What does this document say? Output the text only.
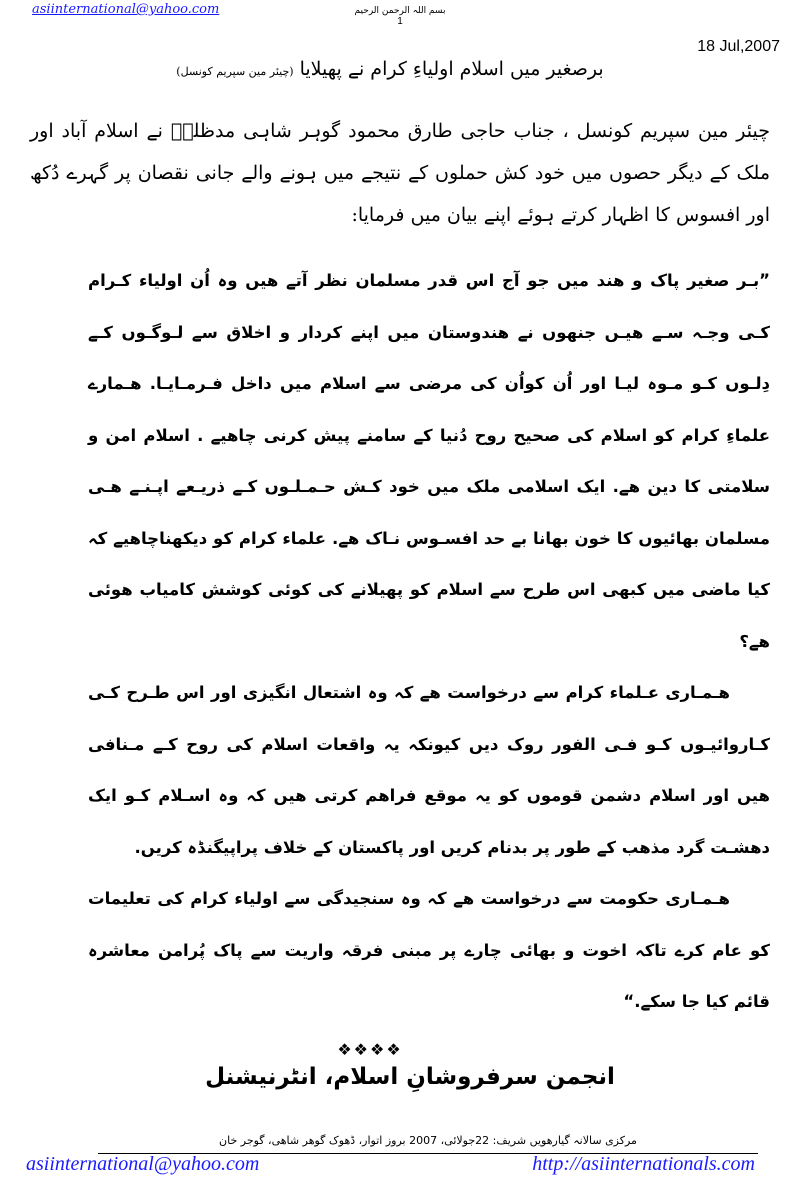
asiinternational@yahoo.com	بسم اللہ الرحمن الرحیم
1
18 Jul,2007
برصغیر میں اسلام اولیاءِ کرام نے پھیلایا (چیئر مین سپریم کونسل)
چیئر مین سپریم کونسل ، جناب حاجی طارق محمود گوہر شاہی مدظلہٗ نے اسلام آباد اور ملک کے دیگر حصوں میں خود کش حملوں کے نتیجے میں ہونے والے جانی نقصان پر گہرے دُکھ اور افسوس کا اظہار کرتے ہوئے اپنے بیان میں فرمایا:

”بـر صغیر پاک و هند میں جو آج اس قدر مسلمان نظر آتے هیں وہ اُن اولیاء کـرام کـی وجـہ سـے هیـں جنهوں نے هندوستان میں اپنے کردار و اخلاق سے لـوگـوں کـے دِلـوں کـو مـوہ لیـا اور اُن کواُن کی مرضی سے اسلام میں داخل فـرمـایـا. هـمارے علماءِ کرام کو اسلام کی صحیح روح دُنیا کے سامنے پیش کرنی چاهیے . اسلام امن و سلامتی کا دین هے. ایک اسلامی ملک میں خود کـش حـمـلـوں کـے ذریـعے اپـنـے هـی مسلمان بهائیوں کا خون بهانا بے حد افسـوس نـاک هے. علماء کرام کو دیکھناچاهیے کہ کیا ماضی میں کبهی اس طرح سے اسلام کو پهیلانے کی کوئی کوشش کامیاب هوئی هے؟

هـمـاری عـلماء کرام سے درخواست هے کہ وہ اشتعال انگیزی اور اس طـرح کـی کـاروائیـوں کـو فـی الفور روک دیں کیونکہ یہ واقعات اسلام کی روح کـے مـنافی هیں اور اسلام دشمن قوموں کو یہ موقع فراهم کرتی هیں کہ وہ اسـلام کـو ایک دهشـت گرد مذهب کے طور پر بدنام کریں اور پاکستان کے خلاف پراپیگنڈہ کریں.

هـمـاری حکومت سے درخواست هے کہ وہ سنجیدگی سے اولیاء کرام کی تعلیمات کو عام کرے تاکہ اخوت و بهائی چارے پر مبنی فرقہ واریت سے پاک پُرامن معاشرہ قائم کیا جا سکے.“

❖❖❖❖
انجمن سرفروشانِ اسلام، انٹرنیشنل
مرکزی سالانہ گیارھویں شریف: 22جولائی، 2007 بروز اتوار، ڈھوک گوھر شاھی، گوجر خان
asiinternational@yahoo.com	http://asiinternationals.com
